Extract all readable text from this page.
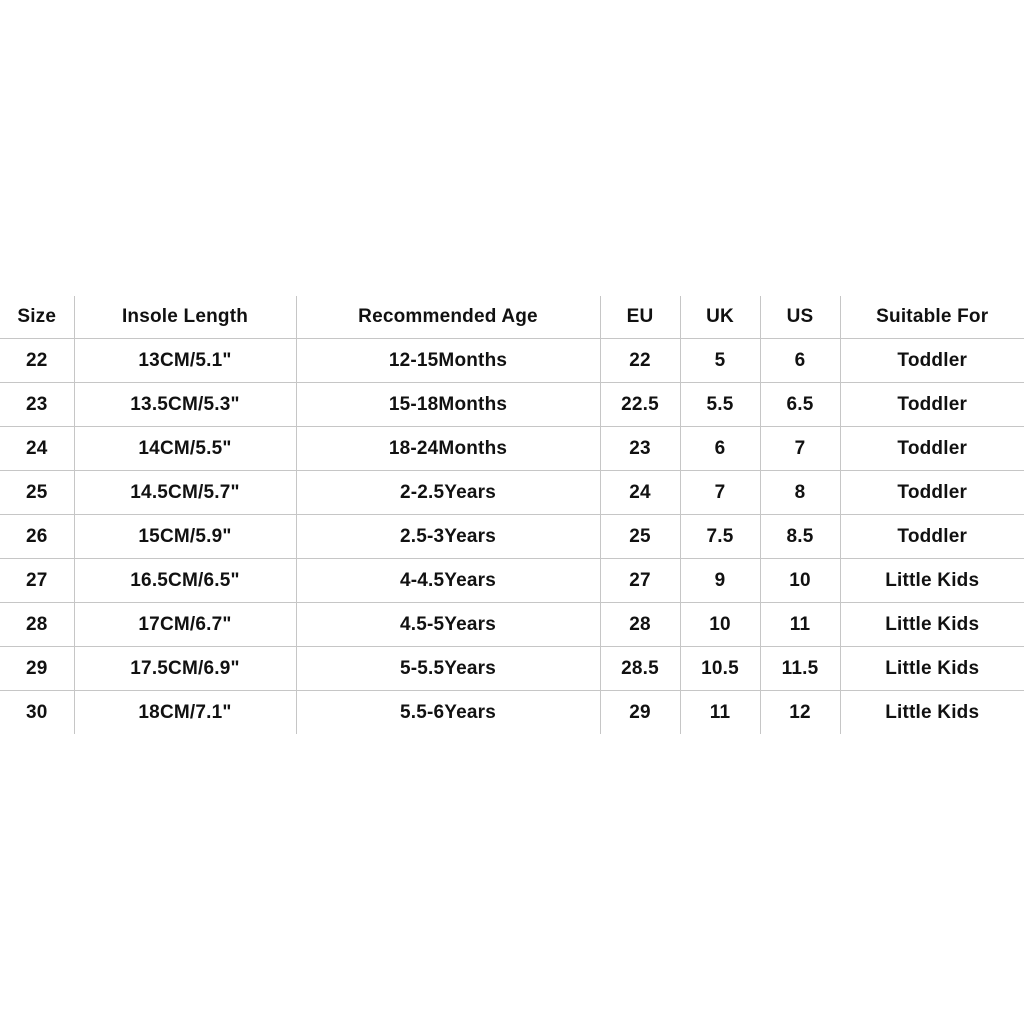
Size	Insole Length	Recommended Age	EU	UK	US	Suitable For
22	13CM/5.1"	12-15Months	22	5	6	Toddler
23	13.5CM/5.3"	15-18Months	22.5	5.5	6.5	Toddler
24	14CM/5.5"	18-24Months	23	6	7	Toddler
25	14.5CM/5.7"	2-2.5Years	24	7	8	Toddler
26	15CM/5.9"	2.5-3Years	25	7.5	8.5	Toddler
27	16.5CM/6.5"	4-4.5Years	27	9	10	Little Kids
28	17CM/6.7"	4.5-5Years	28	10	11	Little Kids
29	17.5CM/6.9"	5-5.5Years	28.5	10.5	11.5	Little Kids
30	18CM/7.1"	5.5-6Years	29	11	12	Little Kids
